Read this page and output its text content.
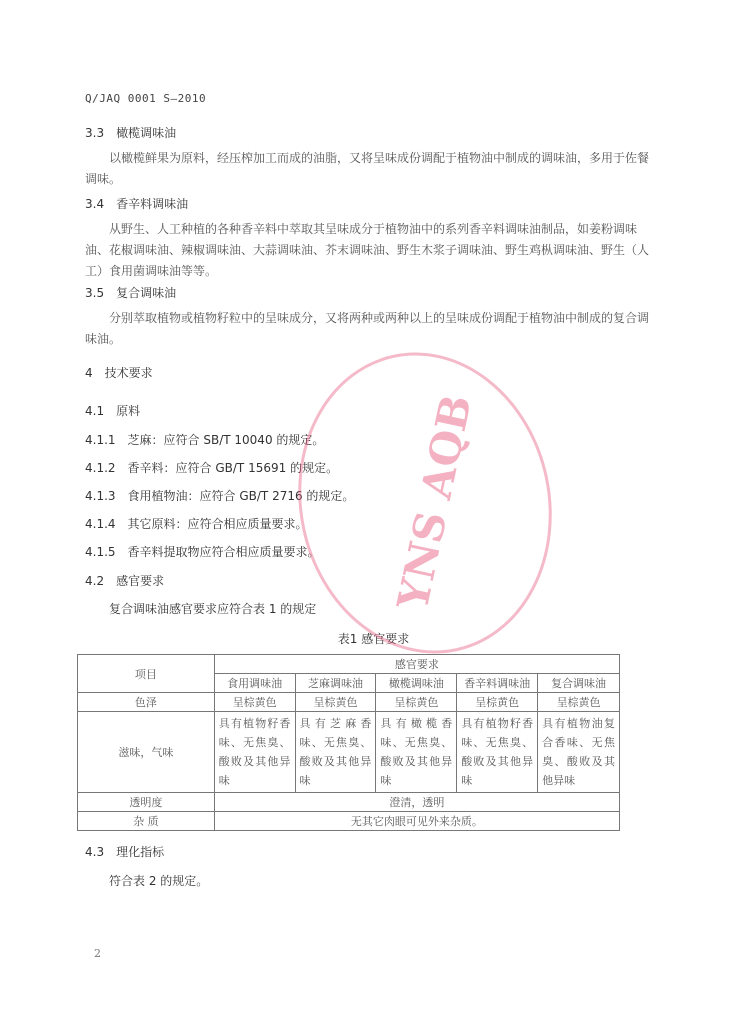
Q/JAQ 0001 S—2010
3.3 橄榄调味油
以橄榄鲜果为原料，经压榨加工而成的油脂，又将呈味成份调配于植物油中制成的调味油，多用于佐餐调味。
3.4 香辛料调味油
从野生、人工种植的各种香辛料中萃取其呈味成分于植物油中的系列香辛料调味油制品，如姜粉调味油、花椒调味油、辣椒调味油、大蒜调味油、芥末调味油、野生木浆子调味油、野生鸡枞调味油、野生（人工）食用菌调味油等等。
3.5 复合调味油
分别萃取植物或植物籽粒中的呈味成分，又将两种或两种以上的呈味成份调配于植物油中制成的复合调味油。
4 技术要求
4.1 原料
4.1.1 芝麻：应符合 SB/T 10040 的规定。
4.1.2 香辛料：应符合 GB/T 15691 的规定。
4.1.3 食用植物油：应符合 GB/T 2716 的规定。
4.1.4 其它原料：应符合相应质量要求。
4.1.5 香辛料提取物应符合相应质量要求。
4.2 感官要求
复合调味油感官要求应符合表 1 的规定
表1 感官要求
项目	感官要求				
	食用调味油	芝麻调味油	橄榄调味油	香辛料调味油	复合调味油
色泽	呈棕黄色	呈棕黄色	呈棕黄色	呈棕黄色	呈棕黄色
滋味，气味	具有植物籽香味、无焦臭、酸败及其他异味	具有芝麻香味、无焦臭、酸败及其他异味	具有橄榄香味、无焦臭、酸败及其他异味	具有植物籽香味、无焦臭、酸败及其他异味	具有植物油复合香味、无焦臭、酸败及其他异味
透明度	澄清，透明				
杂 质	无其它肉眼可见外来杂质。				
4.3 理化指标
符合表 2 的规定。
2
YNS AQB
